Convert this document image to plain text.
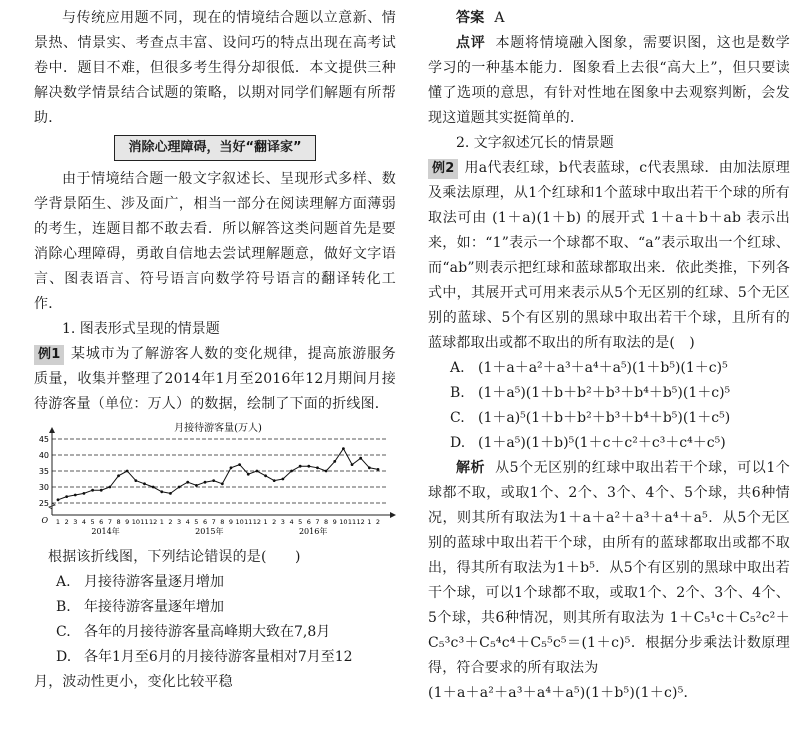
与传统应用题不同，现在的情境结合题以立意新、情景热、情景实、考查点丰富、设问巧的特点出现在高考试卷中．题目不难，但很多考生得分却很低．本文提供三种解决数学情景结合试题的策略，以期对同学们解题有所帮助．

消除心理障碍，当好“翻译家”

由于情境结合题一般文字叙述长、呈现形式多样、数学背景陌生、涉及面广，相当一部分在阅读理解方面薄弱的考生，连题目都不敢去看．所以解答这类问题首先是要消除心理障碍，勇敢自信地去尝试理解题意，做好文字语言、图表语言、符号语言向数学符号语言的翻译转化工作．

1. 图表形式呈现的情景题

例1 某城市为了解游客人数的变化规律，提高旅游服务质量，收集并整理了2014年1月至2016年12月期间月接待游客量（单位：万人）的数据，绘制了下面的折线图．

月接待游客量(万人)
25
30
35
40
45
O 1 2 3 4 5 6 7 8 9 10 11 12 1 2 3 4 5 6 7 8 9 10 11 12 1 2 3 4 5 6 7 8 9 10 11 12 1 2
2014年	2015年	2016年

根据该折线图，下列结论错误的是(　　)

A. 月接待游客量逐月增加

B. 年接待游客量逐年增加

C. 各年的月接待游客量高峰期大致在7,8月

D. 各年1月至6月的月接待游客量相对7月至12

月，波动性更小，变化比较平稳

答案 A

点评 本题将情境融入图象，需要识图，这也是数学学习的一种基本能力．图象看上去很“高大上”，但只要读懂了选项的意思，有针对性地在图象中去观察判断，会发现这道题其实挺简单的．

2. 文字叙述冗长的情景题

例2 用a代表红球，b代表蓝球，c代表黑球．由加法原理及乘法原理，从1个红球和1个蓝球中取出若干个球的所有取法可由 (1＋a)(1＋b) 的展开式 1＋a＋b＋ab 表示出来，如：“1”表示一个球都不取、“a”表示取出一个红球、而“ab”则表示把红球和蓝球都取出来．依此类推，下列各式中，其展开式可用来表示从5个无区别的红球、5个无区别的蓝球、5个有区别的黑球中取出若干个球，且所有的蓝球都取出或都不取出的所有取法的是(　)

A. (1＋a＋a²＋a³＋a⁴＋a⁵)(1＋b⁵)(1＋c)⁵

B. (1＋a⁵)(1＋b＋b²＋b³＋b⁴＋b⁵)(1＋c)⁵

C. (1＋a)⁵(1＋b＋b²＋b³＋b⁴＋b⁵)(1＋c⁵)

D. (1＋a⁵)(1＋b)⁵(1＋c＋c²＋c³＋c⁴＋c⁵)

解析 从5个无区别的红球中取出若干个球，可以1个球都不取，或取1个、2个、3个、4个、5个球，共6种情况，则其所有取法为1＋a＋a²＋a³＋a⁴＋a⁵．从5个无区别的蓝球中取出若干个球，由所有的蓝球都取出或都不取出，得其所有取法为1＋b⁵．从5个有区别的黑球中取出若干个球，可以1个球都不取，或取1个、2个、3个、4个、5个球，共6种情况，则其所有取法为 1＋C₅¹c＋C₅²c²＋C₅³c³＋C₅⁴c⁴＋C₅⁵c⁵＝(1＋c)⁵．根据分步乘法计数原理得，符合要求的所有取法为

(1＋a＋a²＋a³＋a⁴＋a⁵)(1＋b⁵)(1＋c)⁵．
